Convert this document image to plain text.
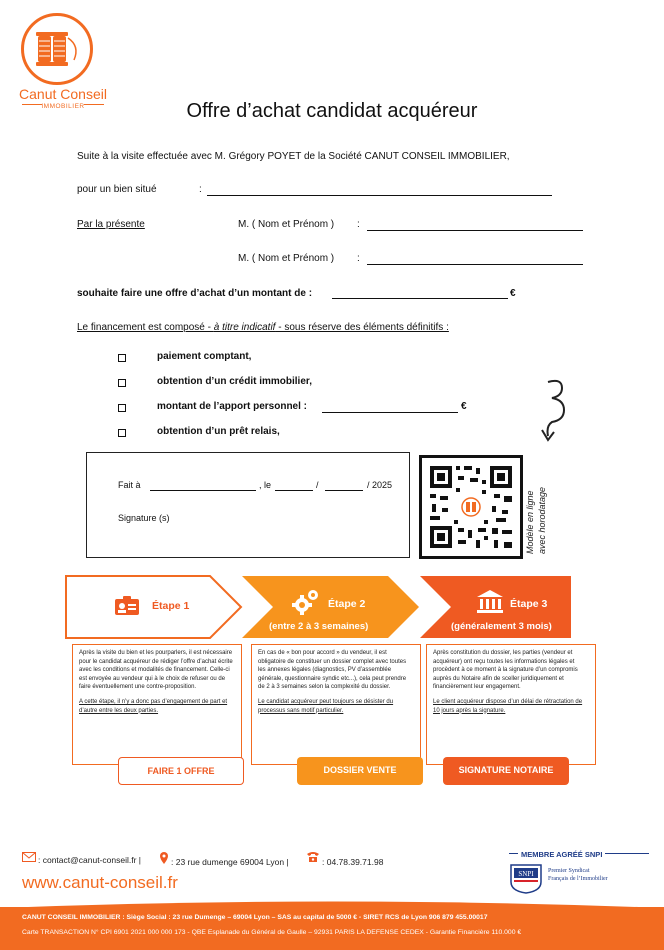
Canut Conseil
IMMOBILIER	Offre d’achat candidat acquéreur
Suite à la visite effectuée avec M. Grégory POYET de la Société CANUT CONSEIL IMMOBILIER,
pour un bien situé	:
Par la présente	M. ( Nom et Prénom ) :
M. ( Nom et Prénom ) :
souhaite faire une offre d’achat d’un montant de :	€
Le financement est composé - à titre indicatif - sous réserve des éléments définitifs :
paiement comptant,
obtention d’un crédit immobilier,
montant de l’apport personnel :	€
obtention d’un prêt relais,
Fait à	, le	/	/ 2025
Signature (s)	Modèle en ligne avec horodatage
Étape 1	Étape 2
(entre 2 à 3 semaines)
Étape 3
(généralement 3 mois)

Après la visite du bien et les pourparlers, il est nécessaire pour le candidat acquéreur de rédiger l’offre d’achat écrite avec les conditions et modalités de financement. Celle-ci est envoyée au vendeur qui à le choix de refuser ou de faire éventuellement une contre-proposition.

A cette étape, il n’y a donc pas d’engagement de part et d’autre entre les deux parties.

En cas de « bon pour accord » du vendeur, il est obligatoire de constituer un dossier complet avec toutes les annexes légales (diagnostics, PV d’assemblée générale, questionnaire syndic etc...), cela peut prendre de 2 à 3 semaines selon la complexité du dossier.

Le candidat acquéreur peut toujours se désister du processus sans motif particulier.

Après constitution du dossier, les parties (vendeur et acquéreur) ont reçu toutes les informations légales et procèdent à ce moment à la signature d’un compromis auprès du Notaire afin de sceller juridiquement et financièrement leur engagement.

Le client acquéreur dispose d’un délai de rétractation de 10 jours après la signature.

FAIRE 1 OFFRE	DOSSIER VENTE	SIGNATURE NOTAIRE
: contact@canut-conseil.fr |	: 23 rue dumenge 69004 Lyon |	: 04.78.39.71.98
www.canut-conseil.fr
MEMBRE AGRÉÉ SNPI
SNPI Premier Syndicat
Français de l’Immobilier
CANUT CONSEIL IMMOBILIER : Siège Social : 23 rue Dumenge – 69004 Lyon – SAS au capital de 5000 € - SIRET RCS de Lyon 906 879 455.00017
Carte TRANSACTION N° CPI 6901 2021 000 000 173 - QBE Esplanade du Général de Gaulle – 92931 PARIS LA DEFENSE CEDEX - Garantie Financière 110.000 €
